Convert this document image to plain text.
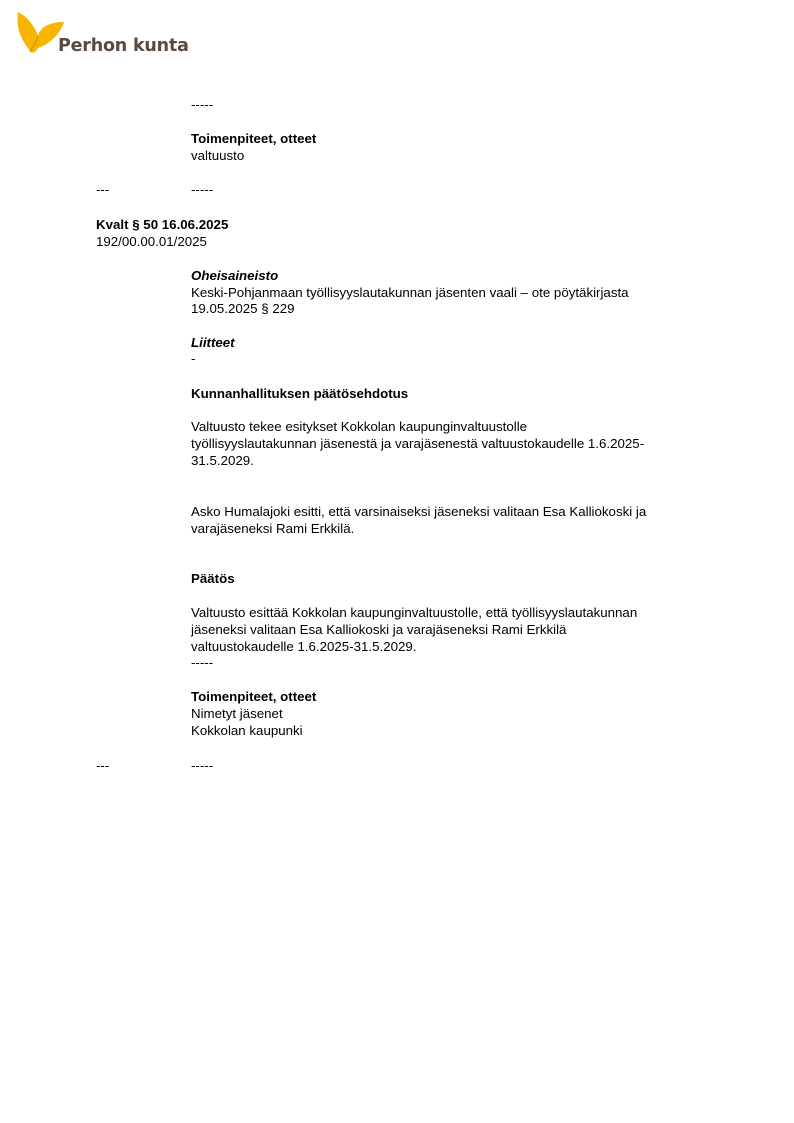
Perhon kunta
-----
Toimenpiteet, otteet
valtuusto
---	-----
Kvalt § 50 16.06.2025
192/00.00.01/2025
Oheisaineisto
Keski-Pohjanmaan työllisyyslautakunnan jäsenten vaali – ote pöytäkirjasta
19.05.2025 § 229
Liitteet
-
Kunnanhallituksen päätösehdotus
Valtuusto tekee esitykset Kokkolan kaupunginvaltuustolle
työllisyyslautakunnan jäsenestä ja varajäsenestä valtuustokaudelle 1.6.2025-
31.5.2029.
Asko Humalajoki esitti, että varsinaiseksi jäseneksi valitaan Esa Kalliokoski ja
varajäseneksi Rami Erkkilä.
Päätös
Valtuusto esittää Kokkolan kaupunginvaltuustolle, että työllisyyslautakunnan
jäseneksi valitaan Esa Kalliokoski ja varajäseneksi Rami Erkkilä
valtuustokaudelle 1.6.2025-31.5.2029.
-----
Toimenpiteet, otteet
Nimetyt jäsenet
Kokkolan kaupunki
---	-----
